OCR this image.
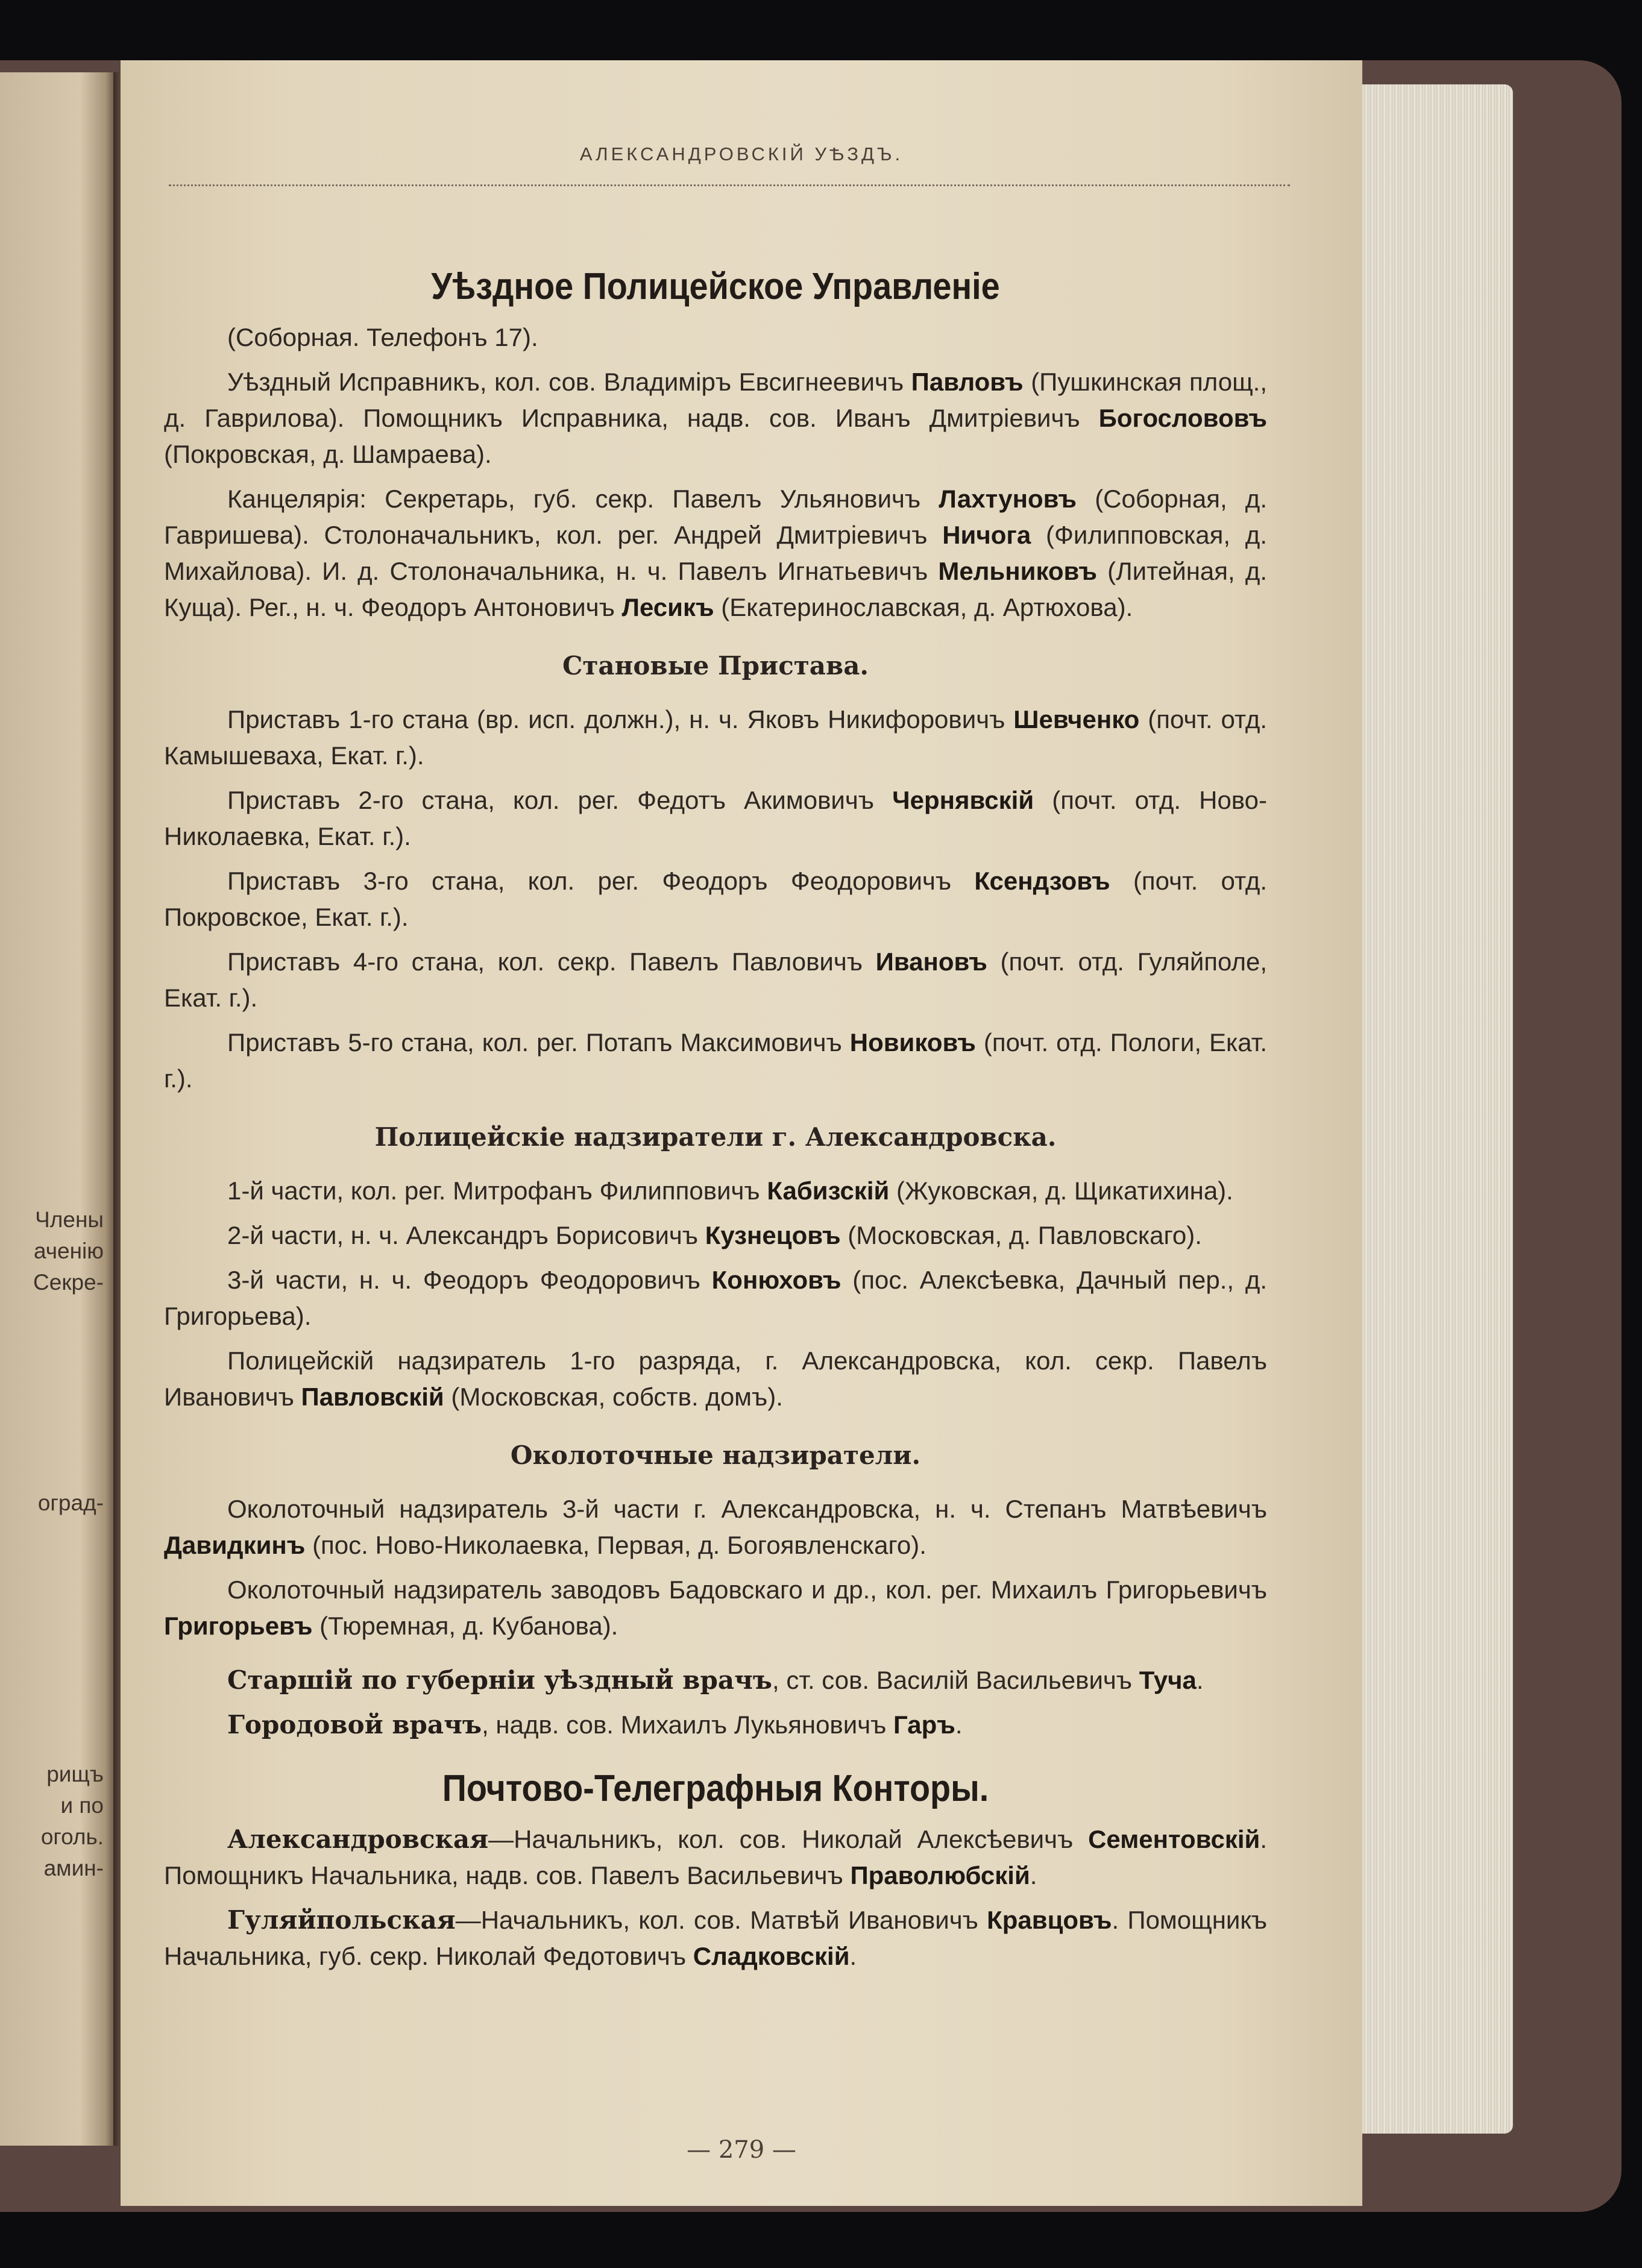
Члены

аченію

Секре-

оград-

рищъ

и по

оголь.

амин-

АЛЕКСАНДРОВСКІЙ УѢЗДЪ.

Уѣздное Полицейское Управленіе

(Соборная. Телефонъ 17).

Уѣздный Исправникъ, кол. сов. Владиміръ Евсигнеевичъ Павловъ (Пушкинская площ., д. Гаврилова). Помощникъ Исправника, надв. сов. Иванъ Дмитріевичъ Богослововъ (Покровская, д. Шамраева).

Канцелярія: Секретарь, губ. секр. Павелъ Ульяновичъ Лахтуновъ (Соборная, д. Гавришева). Столоначальникъ, кол. рег. Андрей Дмитріевичъ Ничога (Филипповская, д. Михайлова). И. д. Столоначальника, н. ч. Павелъ Игнатьевичъ Мельниковъ (Литейная, д. Куща). Рег., н. ч. Феодоръ Антоновичъ Лесикъ (Екатеринославская, д. Артюхова).

Становые Пристава.

Приставъ 1-го стана (вр. исп. должн.), н. ч. Яковъ Никифоровичъ Шевченко (почт. отд. Камышеваха, Екат. г.).

Приставъ 2-го стана, кол. рег. Федотъ Акимовичъ Чернявскій (почт. отд. Ново-Николаевка, Екат. г.).

Приставъ 3-го стана, кол. рег. Феодоръ Феодоровичъ Ксендзовъ (почт. отд. Покровское, Екат. г.).

Приставъ 4-го стана, кол. секр. Павелъ Павловичъ Ивановъ (почт. отд. Гуляйполе, Екат. г.).

Приставъ 5-го стана, кол. рег. Потапъ Максимовичъ Новиковъ (почт. отд. Пологи, Екат. г.).

Полицейскіе надзиратели г. Александровска.

1-й части, кол. рег. Митрофанъ Филипповичъ Кабизскій (Жуковская, д. Щикатихина).

2-й части, н. ч. Александръ Борисовичъ Кузнецовъ (Московская, д. Павловскаго).

3-й части, н. ч. Феодоръ Феодоровичъ Конюховъ (пос. Алексѣевка, Дачный пер., д. Григорьева).

Полицейскій надзиратель 1-го разряда, г. Александровска, кол. секр. Павелъ Ивановичъ Павловскій (Московская, собств. домъ).

Околоточные надзиратели.

Околоточный надзиратель 3-й части г. Александровска, н. ч. Степанъ Матвѣевичъ Давидкинъ (пос. Ново-Николаевка, Первая, д. Богоявленскаго).

Околоточный надзиратель заводовъ Бадовскаго и др., кол. рег. Михаилъ Григорьевичъ Григорьевъ (Тюремная, д. Кубанова).

Старшій по губерніи уѣздный врачъ, ст. сов. Василій Васильевичъ Туча.

Городовой врачъ, надв. сов. Михаилъ Лукьяновичъ Гаръ.

Почтово-Телеграфныя Конторы.

Александровская—Начальникъ, кол. сов. Николай Алексѣевичъ Сементовскій. Помощникъ Начальника, надв. сов. Павелъ Васильевичъ Праволюбскій.

Гуляйпольская—Начальникъ, кол. сов. Матвѣй Ивановичъ Кравцовъ. Помощникъ Начальника, губ. секр. Николай Федотовичъ Сладковскій.

— 279 —
